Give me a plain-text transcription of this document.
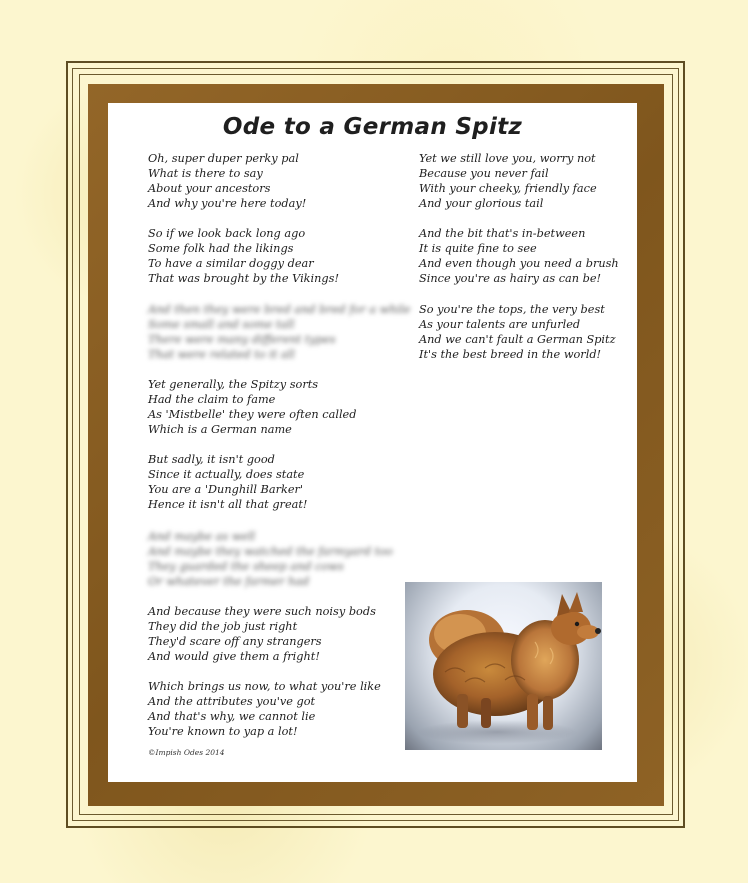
Ode to a German Spitz
Oh, super duper perky pal
What is there to say
About your ancestors
And why you're here today!
So if we look back long ago
Some folk had the likings
To have a similar doggy dear
That was brought by the Vikings!
And then they were bred and bred for a while
Some small and some tall
There were many different types
That were related to it all
Yet generally, the Spitzy sorts
Had the claim to fame
As 'Mistbelle' they were often called
Which is a German name
But sadly, it isn't good
Since it actually, does state
You are a 'Dunghill Barker'
Hence it isn't all that great!
And maybe as well
And maybe they watched the farmyard too
They guarded the sheep and cows
Or whatever the farmer had
And because they were such noisy bods
They did the job just right
They'd scare off any strangers
And would give them a fright!
Which brings us now, to what you're like
And the attributes you've got
And that's why, we cannot lie
You're known to yap a lot!
Yet we still love you, worry not
Because you never fail
With your cheeky, friendly face
And your glorious tail
And the bit that's in-between
It is quite fine to see
And even though you need a brush
Since you're as hairy as can be!
So you're the tops, the very best
As your talents are unfurled
And we can't fault a German Spitz
It's the best breed in the world!
©Impish Odes 2014
